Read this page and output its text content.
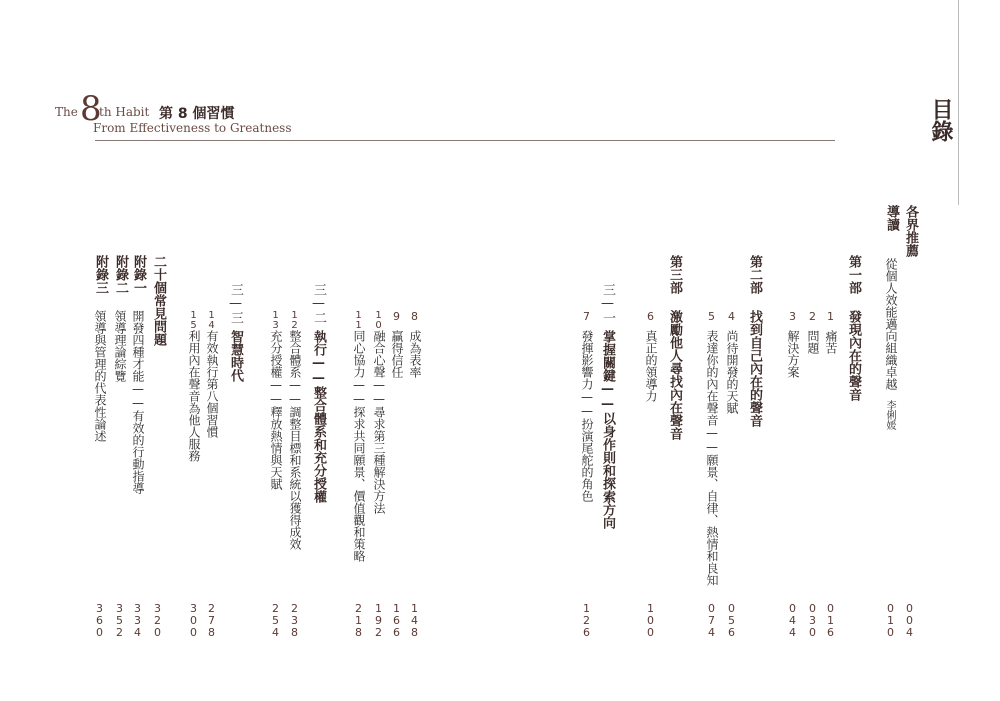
The 8
th Habit 第 8 個習慣
From Effectiveness to Greatness	目錄
各界推薦
004
導讀
從個人效能邁向組織卓越
李俐媛
010
第一部
發現內在的聲音
1
痛苦
016
2
問題
030
3
解決方案
044
第二部
找到自己內在的聲音
4
尚待開發的天賦
056
5
表達你的內在聲音——願景、自律、熱情和良知
074
第三部
激勵他人尋找內在聲音
6
真正的領導力
100
三—一
掌握關鍵——以身作則和探索方向
7
發揮影響力——扮演尾舵的角色
126
8
成為表率
148
9
贏得信任
166
10
融合心聲——尋求第三種解決方法
192
11
同心協力——探求共同願景、價值觀和策略
218
三—二
執行——整合體系和充分授權
12
整合體系——調整目標和系統以獲得成效
238
13
充分授權——釋放熱情與天賦
254
三—三
智慧時代
14
有效執行第八個習慣
278
15
利用內在聲音為他人服務
300
二十個常見問題
320
附錄一
開發四種才能——有效的行動指導
334
附錄二
領導理論綜覽
352
附錄三
領導與管理的代表性論述
360
